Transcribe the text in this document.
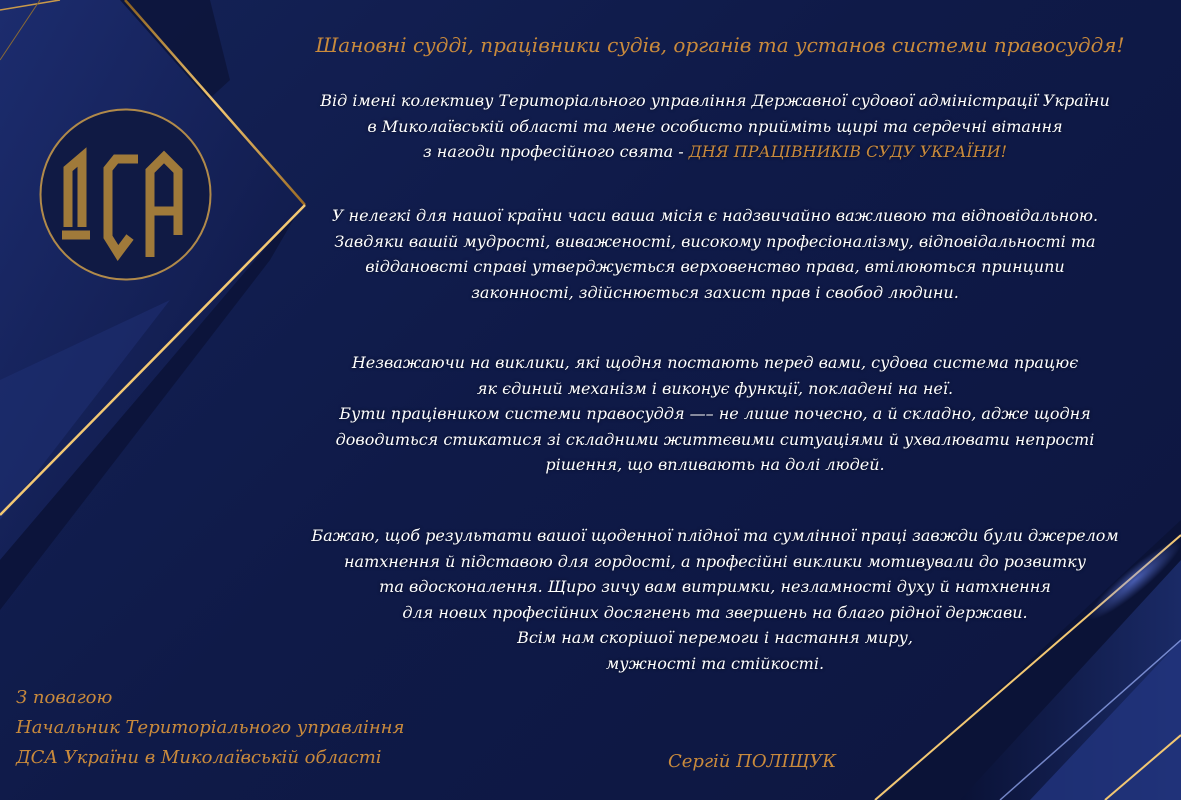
Шановні судді, працівники судів, органів та установ системи правосуддя!
Від імені колективу Територіального управління Державної судової адміністрації України
в Миколаївській області та мене особисто прийміть щирі та сердечні вітання
з нагоди професійного свята - ДНЯ ПРАЦІВНИКІВ СУДУ УКРАЇНИ!
У нелегкі для нашої країни часи ваша місія є надзвичайно важливою та відповідальною.
Завдяки вашій мудрості, виваженості, високому професіоналізму, відповідальності та
віддановсті справі утверджується верховенство права, втілюються принципи
законності, здійснюється захист прав і свобод людини.
Незважаючи на виклики, які щодня постають перед вами, судова система працює
як єдиний механізм і виконує функції, покладені на неї.
Бути працівником системи правосуддя —– не лише почесно, а й складно, адже щодня
доводиться стикатися зі складними життєвими ситуаціями й ухвалювати непрості
рішення, що впливають на долі людей.
Бажаю, щоб результати вашої щоденної плідної та сумлінної праці завжди були джерелом
натхнення й підставою для гордості, а професійні виклики мотивували до розвитку
та вдосконалення. Щиро зичу вам витримки, незламності духу й натхнення
для нових професійних досягнень та звершень на благо рідної держави.
Всім нам скорішої перемоги і настання миру,
мужності та стійкості.
З повагою
Начальник Територіального управління
ДСА України в Миколаївській області	Сергій ПОЛІЩУК
